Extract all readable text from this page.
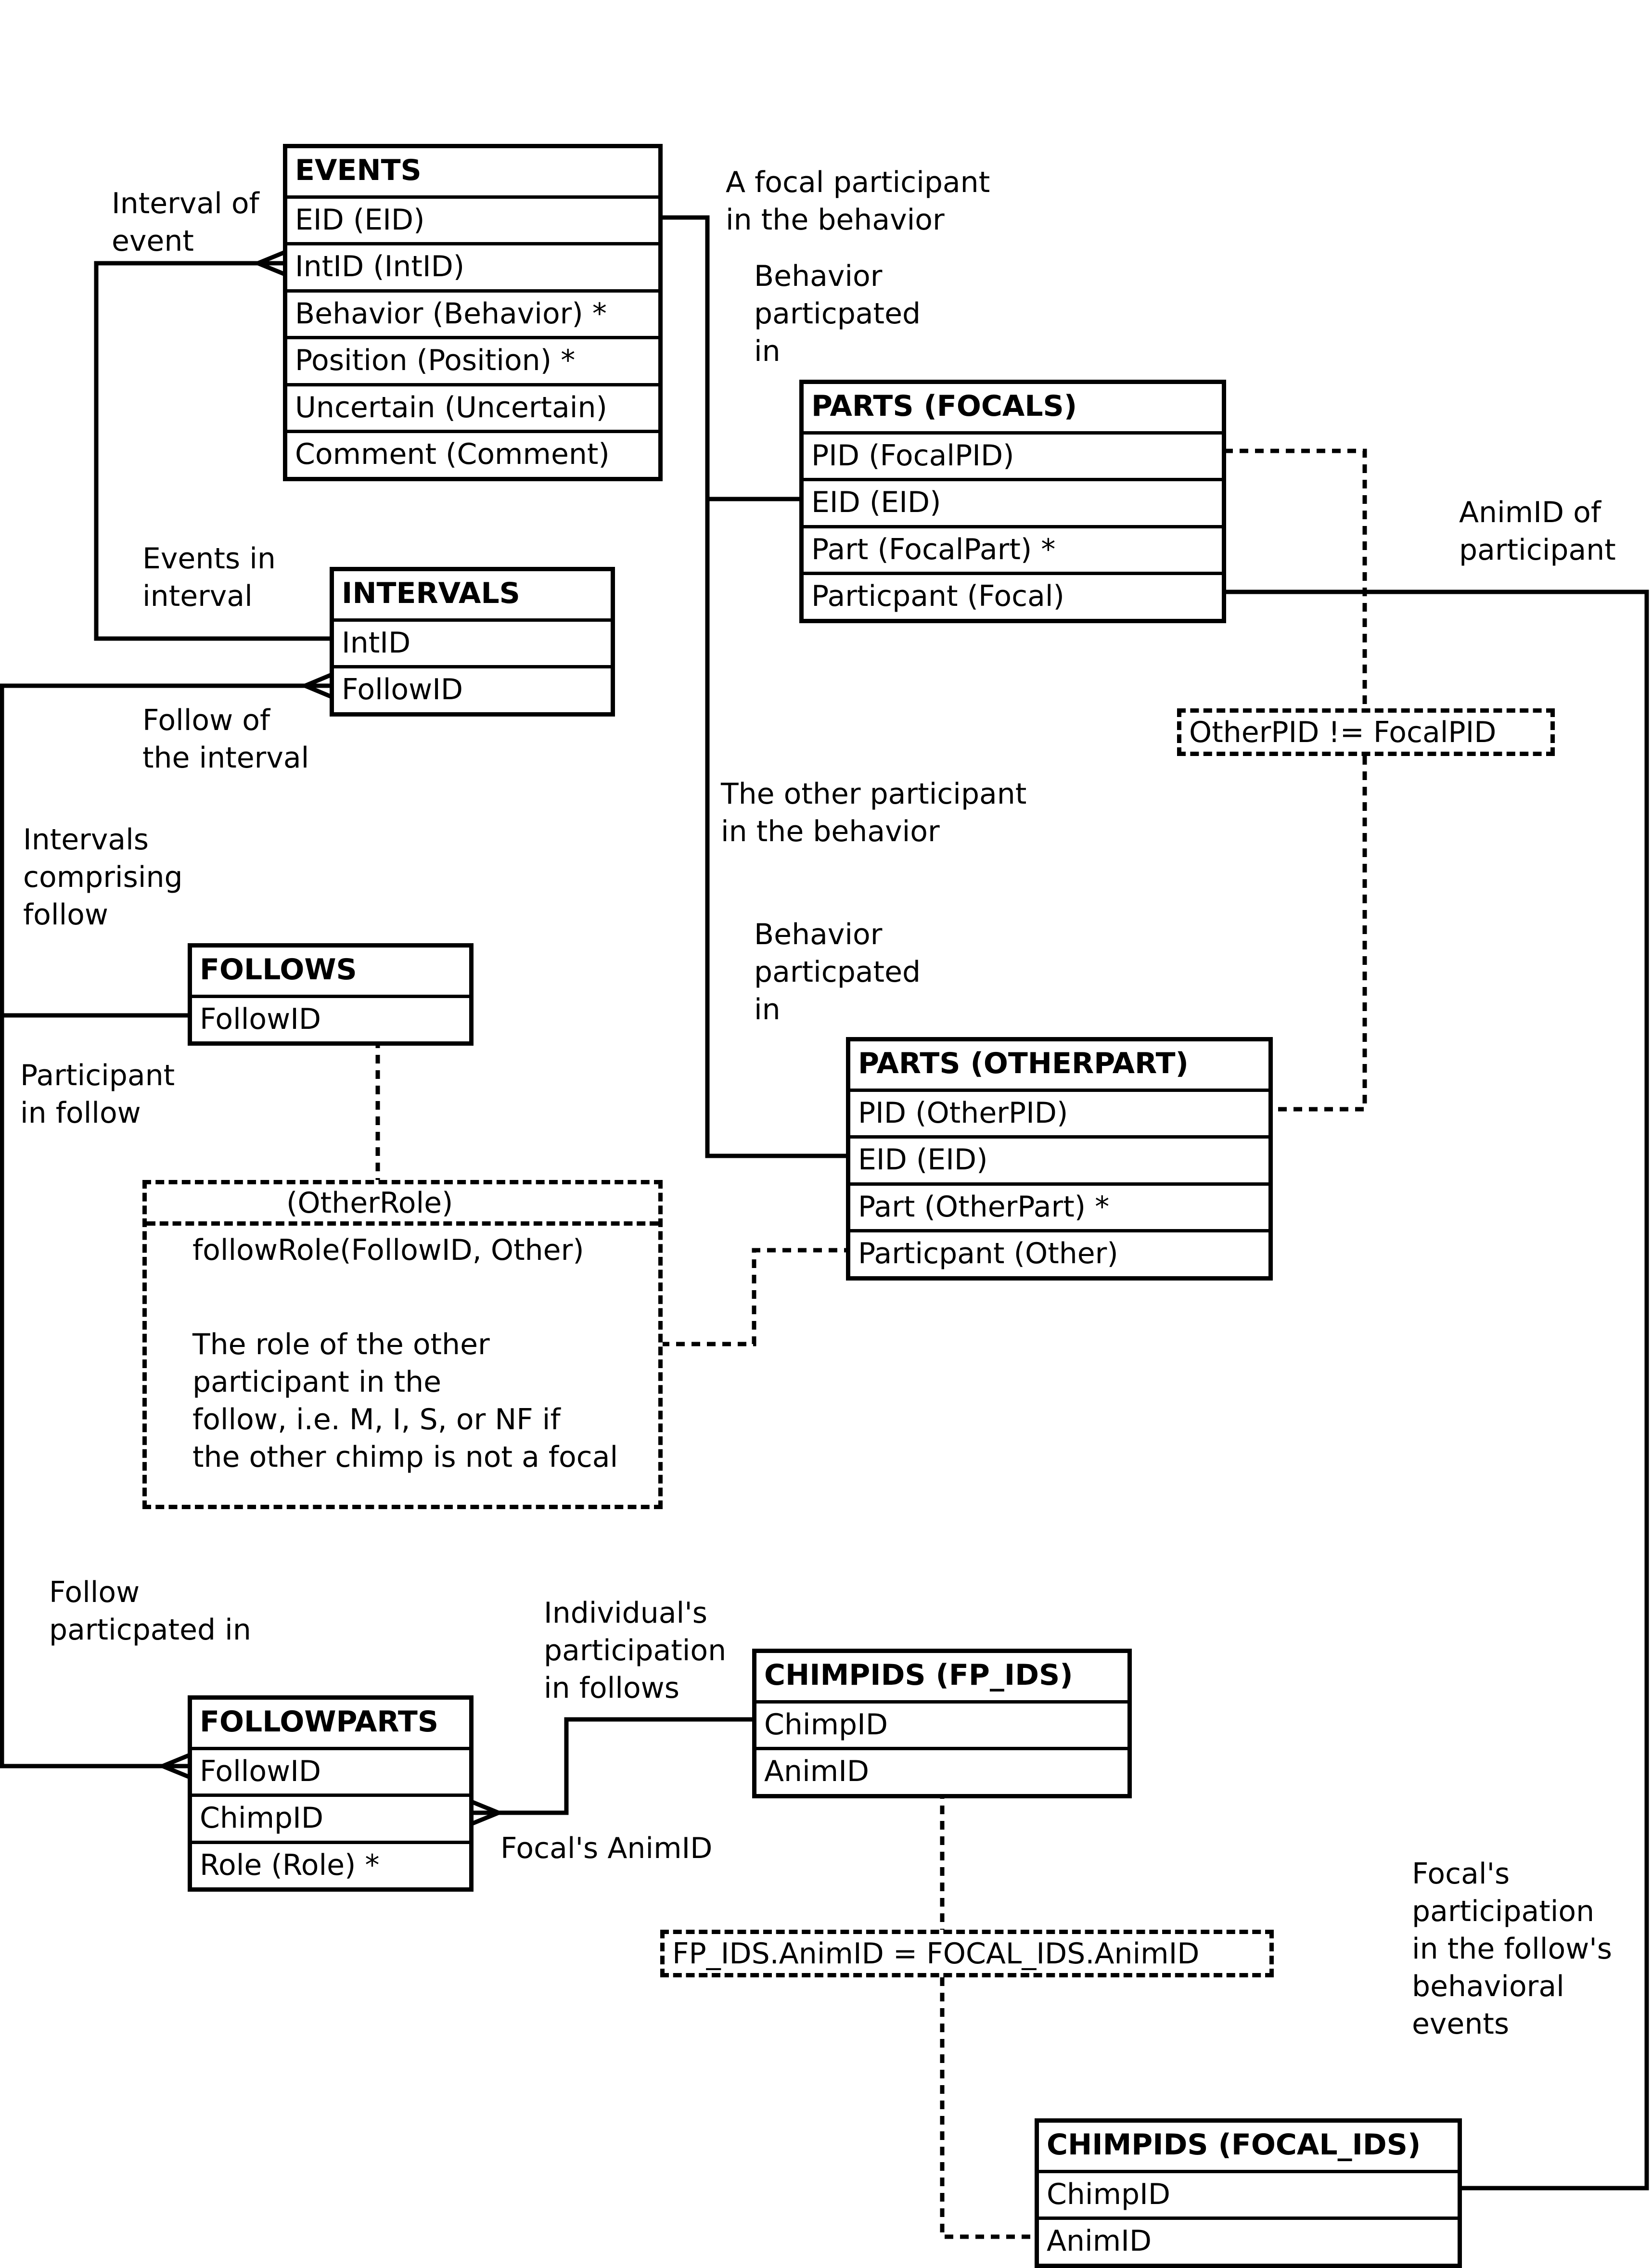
EVENTS
EID (EID)
IntID (IntID)
Behavior (Behavior) *
Position (Position) *
Uncertain (Uncertain)
Comment (Comment)
INTERVALS
IntID
FollowID
FOLLOWS
FollowID
FOLLOWPARTS
FollowID
ChimpID
Role (Role) *
PARTS (FOCALS)
PID (FocalPID)
EID (EID)
Part (FocalPart) *
Particpant (Focal)
PARTS (OTHERPART)
PID (OtherPID)
EID (EID)
Part (OtherPart) *
Particpant (Other)
CHIMPIDS (FP_IDS)
ChimpID
AnimID
CHIMPIDS (FOCAL_IDS)
ChimpID
AnimID
OtherPID != FocalPID
FP_IDS.AnimID = FOCAL_IDS.AnimID
(OtherRole)
followRole(FollowID, Other)
The role of the other
participant in the
follow, i.e. M, I, S, or NF if
the other chimp is not a focal
Interval of
event
A focal participant
in the behavior
Behavior
particpated
in
Events in
interval
AnimID of
participant
Follow of
the interval
The other participant
in the behavior
Intervals
comprising
follow
Behavior
particpated
in
Participant
in follow
Follow
particpated in	Individual's
participation
in follows
Focal's AnimID
Focal's
participation
in the follow's
behavioral
events
